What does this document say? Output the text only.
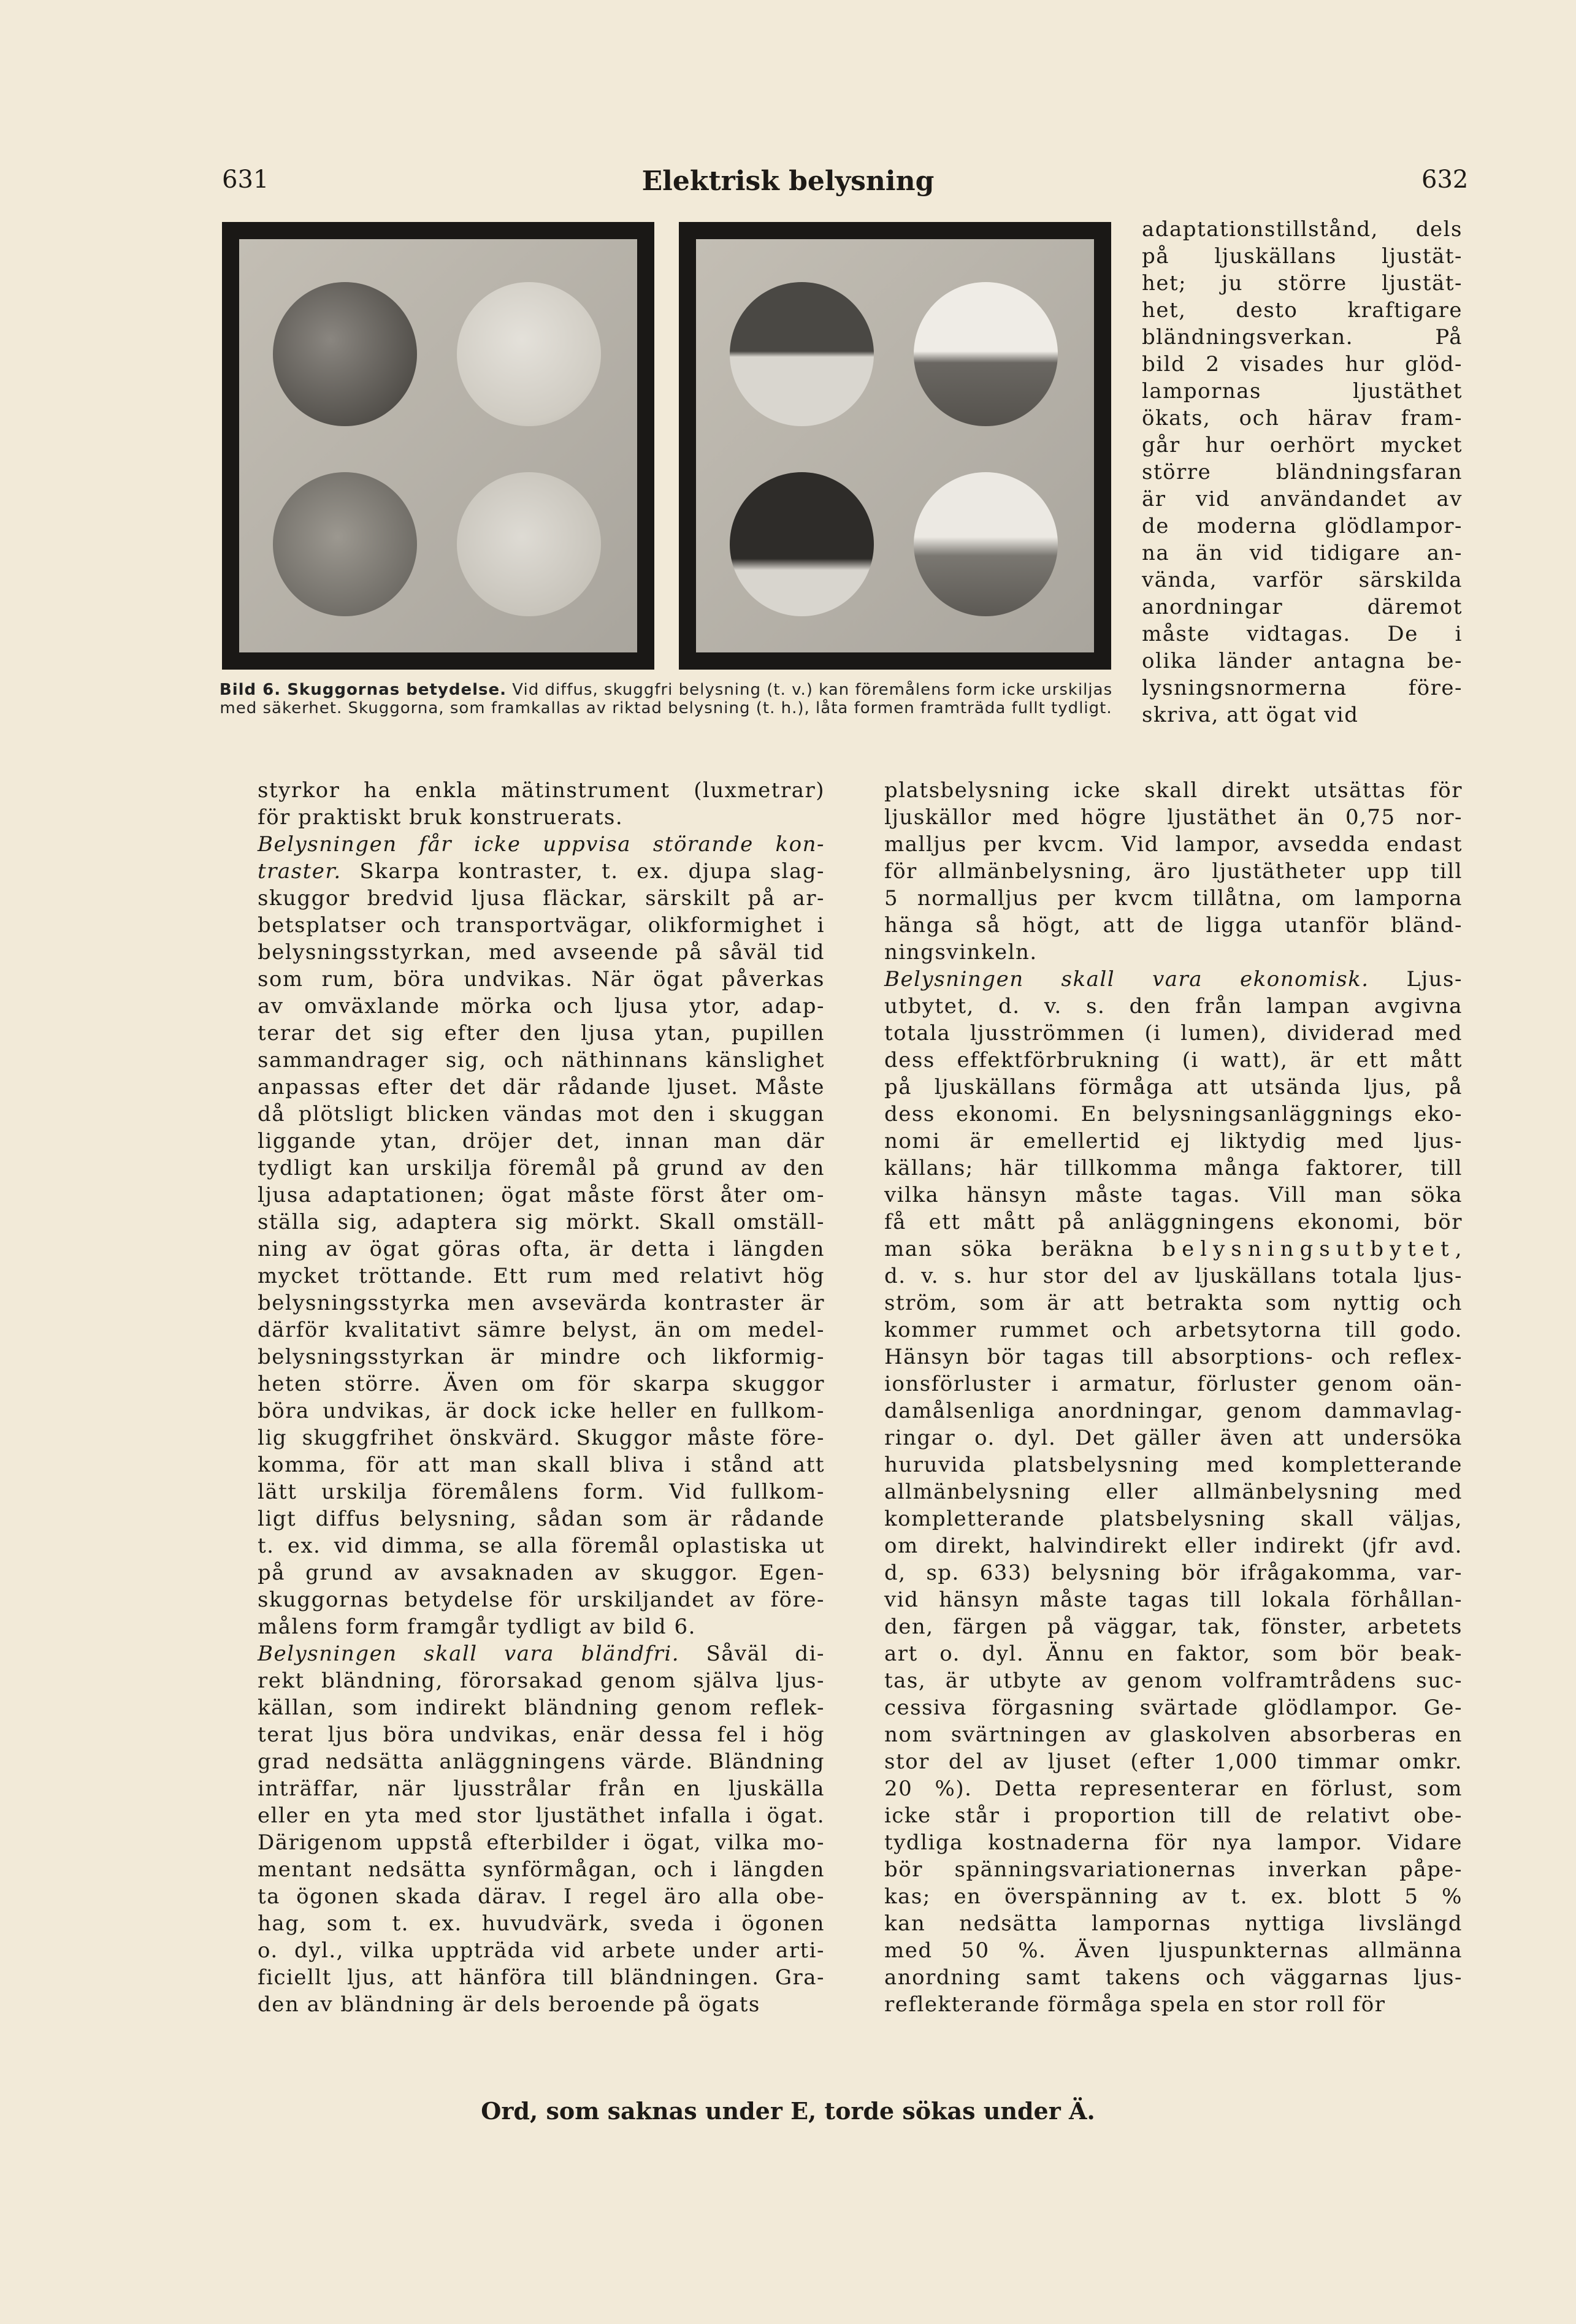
631	Elektrisk belysning	632
Bild 6. Skuggornas betydelse. Vid diffus, skuggfri belysning (t. v.) kan föremålens form icke urskiljas med säkerhet. Skuggorna, som framkallas av riktad belysning (t. h.), låta formen framträda fullt tydligt.
adaptationstillstånd, dels
på ljuskällans ljustät-
het; ju större ljustät-
het, desto kraftigare
bländningsverkan. På
bild 2 visades hur glöd-
lampornas ljustäthet
ökats, och härav fram-
går hur oerhört mycket
större bländningsfaran
är vid användandet av
de moderna glödlampor-
na än vid tidigare an-
vända, varför särskilda
anordningar däremot
måste vidtagas. De i
olika länder antagna be-
lysningsnormerna före-
skriva, att ögat vid
styrkor ha enkla mätinstrument (luxmetrar)
för praktiskt bruk konstruerats.
Belysningen får icke uppvisa störande kon-
traster. Skarpa kontraster, t. ex. djupa slag-
skuggor bredvid ljusa fläckar, särskilt på ar-
betsplatser och transportvägar, olikformighet i
belysningsstyrkan, med avseende på såväl tid
som rum, böra undvikas. När ögat påverkas
av omväxlande mörka och ljusa ytor, adap-
terar det sig efter den ljusa ytan, pupillen
sammandrager sig, och näthinnans känslighet
anpassas efter det där rådande ljuset. Måste
då plötsligt blicken vändas mot den i skuggan
liggande ytan, dröjer det, innan man där
tydligt kan urskilja föremål på grund av den
ljusa adaptationen; ögat måste först åter om-
ställa sig, adaptera sig mörkt. Skall omställ-
ning av ögat göras ofta, är detta i längden
mycket tröttande. Ett rum med relativt hög
belysningsstyrka men avsevärda kontraster är
därför kvalitativt sämre belyst, än om medel-
belysningsstyrkan är mindre och likformig-
heten större. Även om för skarpa skuggor
böra undvikas, är dock icke heller en fullkom-
lig skuggfrihet önskvärd. Skuggor måste före-
komma, för att man skall bliva i stånd att
lätt urskilja föremålens form. Vid fullkom-
ligt diffus belysning, sådan som är rådande
t. ex. vid dimma, se alla föremål oplastiska ut
på grund av avsaknaden av skuggor. Egen-
skuggornas betydelse för urskiljandet av före-
målens form framgår tydligt av bild 6.
Belysningen skall vara bländfri. Såväl di-
rekt bländning, förorsakad genom själva ljus-
källan, som indirekt bländning genom reflek-
terat ljus böra undvikas, enär dessa fel i hög
grad nedsätta anläggningens värde. Bländning
inträffar, när ljusstrålar från en ljuskälla
eller en yta med stor ljustäthet infalla i ögat.
Därigenom uppstå efterbilder i ögat, vilka mo-
mentant nedsätta synförmågan, och i längden
ta ögonen skada därav. I regel äro alla obe-
hag, som t. ex. huvudvärk, sveda i ögonen
o. dyl., vilka uppträda vid arbete under arti-
ficiellt ljus, att hänföra till bländningen. Gra-
den av bländning är dels beroende på ögats
platsbelysning icke skall direkt utsättas för
ljuskällor med högre ljustäthet än 0,75 nor-
malljus per kvcm. Vid lampor, avsedda endast
för allmänbelysning, äro ljustätheter upp till
5 normalljus per kvcm tillåtna, om lamporna
hänga så högt, att de ligga utanför bländ-
ningsvinkeln.
Belysningen skall vara ekonomisk. Ljus-
utbytet, d. v. s. den från lampan avgivna
totala ljusströmmen (i lumen), dividerad med
dess effektförbrukning (i watt), är ett mått
på ljuskällans förmåga att utsända ljus, på
dess ekonomi. En belysningsanläggnings eko-
nomi är emellertid ej liktydig med ljus-
källans; här tillkomma många faktorer, till
vilka hänsyn måste tagas. Vill man söka
få ett mått på anläggningens ekonomi, bör
man söka beräkna belysningsutbytet,
d. v. s. hur stor del av ljuskällans totala ljus-
ström, som är att betrakta som nyttig och
kommer rummet och arbetsytorna till godo.
Hänsyn bör tagas till absorptions- och reflex-
ionsförluster i armatur, förluster genom oän-
damålsenliga anordningar, genom dammavlag-
ringar o. dyl. Det gäller även att undersöka
huruvida platsbelysning med kompletterande
allmänbelysning eller allmänbelysning med
kompletterande platsbelysning skall väljas,
om direkt, halvindirekt eller indirekt (jfr avd.
d, sp. 633) belysning bör ifrågakomma, var-
vid hänsyn måste tagas till lokala förhållan-
den, färgen på väggar, tak, fönster, arbetets
art o. dyl. Ännu en faktor, som bör beak-
tas, är utbyte av genom volframtrådens suc-
cessiva förgasning svärtade glödlampor. Ge-
nom svärtningen av glaskolven absorberas en
stor del av ljuset (efter 1,000 timmar omkr.
20 %). Detta representerar en förlust, som
icke står i proportion till de relativt obe-
tydliga kostnaderna för nya lampor. Vidare
bör spänningsvariationernas inverkan påpe-
kas; en överspänning av t. ex. blott 5 %
kan nedsätta lampornas nyttiga livslängd
med 50 %. Även ljuspunkternas allmänna
anordning samt takens och väggarnas ljus-
reflekterande förmåga spela en stor roll för
Ord, som saknas under E, torde sökas under Ä.
